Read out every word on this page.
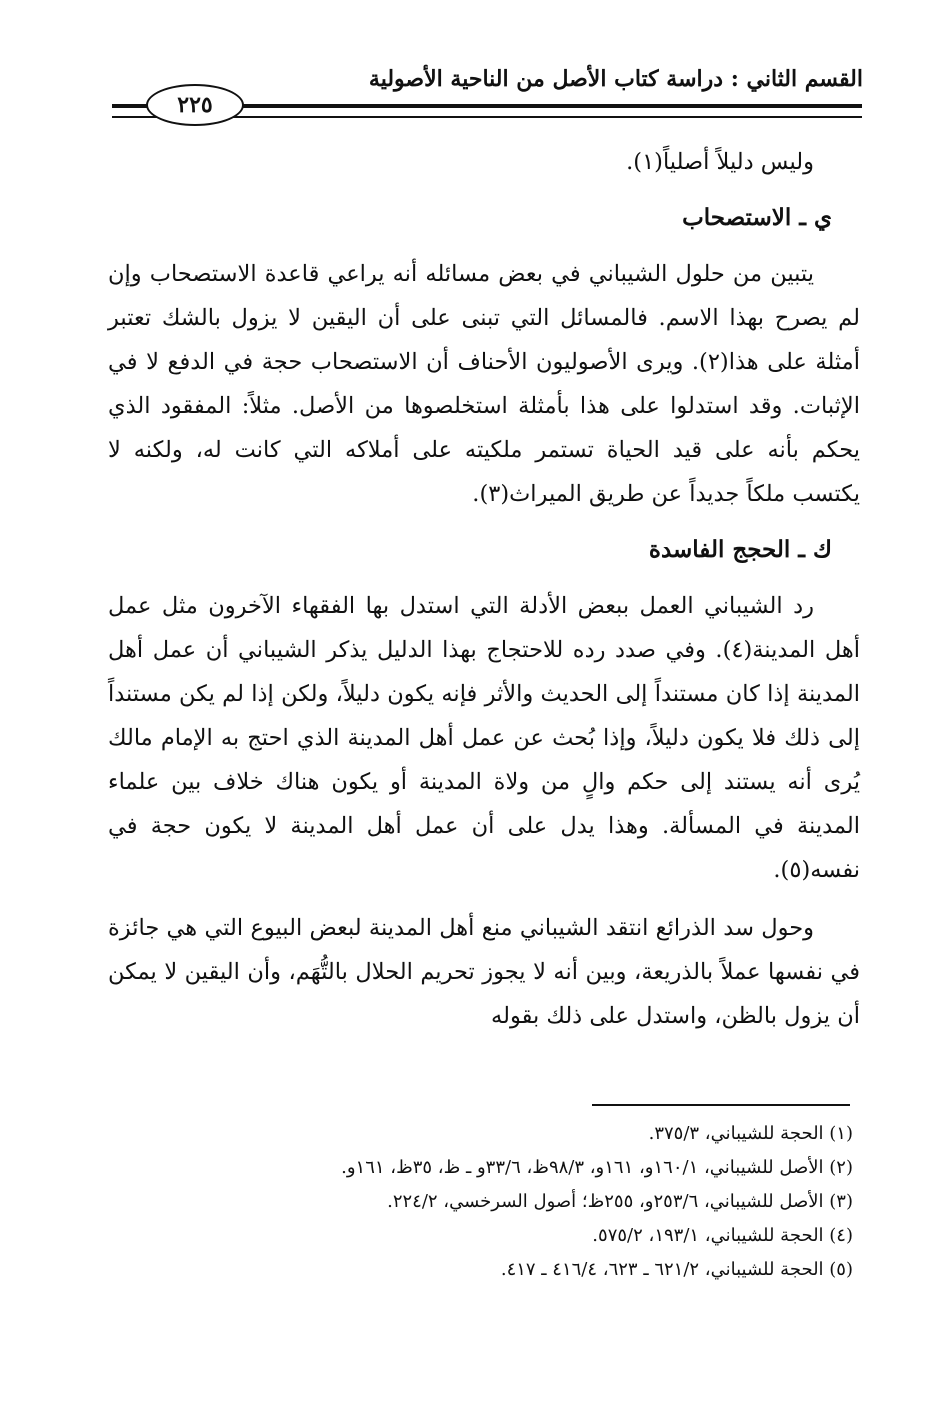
القسم الثاني : دراسة كتاب الأصل من الناحية الأصولية
٢٢٥

وليس دليلاً أصلياً(١).

ي ـ الاستصحاب

يتبين من حلول الشيباني في بعض مسائله أنه يراعي قاعدة الاستصحاب وإن لم يصرح بهذا الاسم. فالمسائل التي تبنى على أن اليقين لا يزول بالشك تعتبر أمثلة على هذا(٢). ويرى الأصوليون الأحناف أن الاستصحاب حجة في الدفع لا في الإثبات. وقد استدلوا على هذا بأمثلة استخلصوها من الأصل. مثلاً: المفقود الذي يحكم بأنه على قيد الحياة تستمر ملكيته على أملاكه التي كانت له، ولكنه لا يكتسب ملكاً جديداً عن طريق الميراث(٣).

ك ـ الحجج الفاسدة

رد الشيباني العمل ببعض الأدلة التي استدل بها الفقهاء الآخرون مثل عمل أهل المدينة(٤). وفي صدد رده للاحتجاج بهذا الدليل يذكر الشيباني أن عمل أهل المدينة إذا كان مستنداً إلى الحديث والأثر فإنه يكون دليلاً، ولكن إذا لم يكن مستنداً إلى ذلك فلا يكون دليلاً، وإذا بُحث عن عمل أهل المدينة الذي احتج به الإمام مالك يُرى أنه يستند إلى حكم والٍ من ولاة المدينة أو يكون هناك خلاف بين علماء المدينة في المسألة. وهذا يدل على أن عمل أهل المدينة لا يكون حجة في نفسه(٥).

وحول سد الذرائع انتقد الشيباني منع أهل المدينة لبعض البيوع التي هي جائزة في نفسها عملاً بالذريعة، وبين أنه لا يجوز تحريم الحلال بالتُّهَم، وأن اليقين لا يمكن أن يزول بالظن، واستدل على ذلك بقوله

(١) الحجة للشيباني، ٣٧٥/٣.

(٢) الأصل للشيباني، ١٦٠/١و، ١٦١و، ٩٨/٣ظ، ٣٣/٦و ـ ظ، ٣٥ظ، ١٦١و.

(٣) الأصل للشيباني، ٢٥٣/٦و، ٢٥٥ظ؛ أصول السرخسي، ٢٢٤/٢.

(٤) الحجة للشيباني، ١٩٣/١، ٥٧٥/٢.

(٥) الحجة للشيباني، ٦٢١/٢ ـ ٦٢٣، ٤١٦/٤ ـ ٤١٧.
